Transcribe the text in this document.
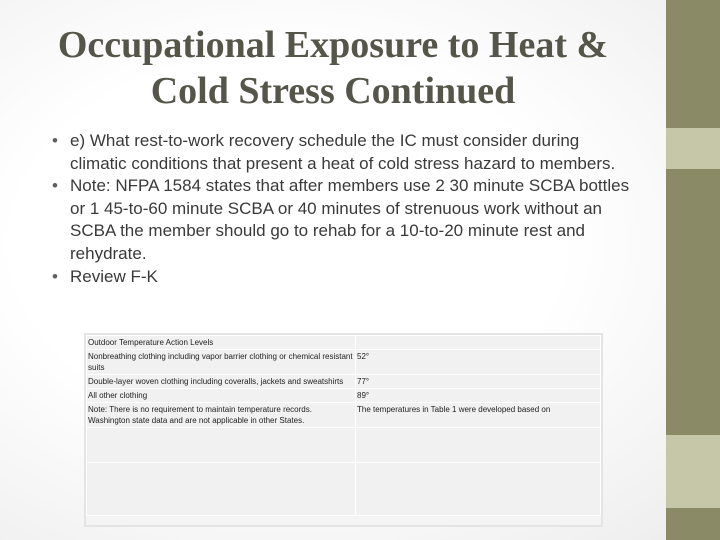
Occupational Exposure to Heat &
Cold Stress Continued
• e) What rest-to-work recovery schedule the IC must consider during climatic conditions that present a heat of cold stress hazard to members.
• Note: NFPA 1584 states that after members use 2 30 minute SCBA bottles or 1 45-to-60 minute SCBA or 40 minutes of strenuous work without an SCBA the member should go to rehab for a 10-to-20 minute rest and rehydrate.
• Review F-K
Outdoor Temperature Action Levels	
Nonbreathing clothing including vapor barrier clothing or chemical resistant suits	52°
Double-layer woven clothing including coveralls, jackets and sweatshirts	77°
All other clothing	89°
Note: There is no requirement to maintain temperature records. Washington state data and are not applicable in other States.	The temperatures in Table 1 were developed based on
